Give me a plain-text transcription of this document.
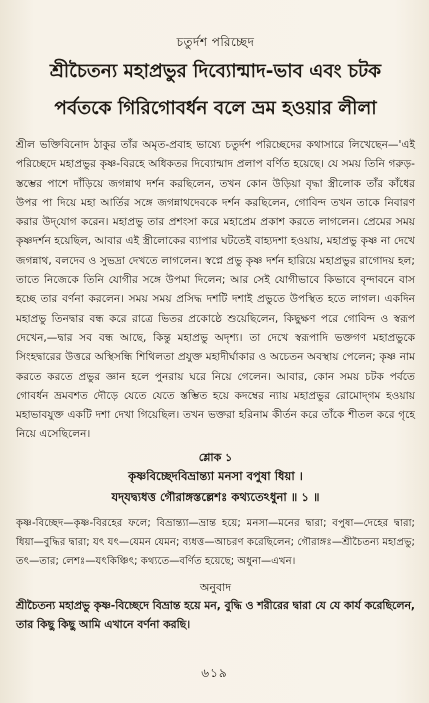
চতুর্দশ পরিচ্ছেদ
শ্রীচৈতন্য মহাপ্রভুর দিব্যোন্মাদ-ভাব এবং চটক
পর্বতকে গিরিগোবর্ধন বলে ভ্রম হওয়ার লীলা

শ্রীল ভক্তিবিনোদ ঠাকুর তাঁর অমৃত-প্রবাহ ভাষ্যে চতুর্দশ পরিচ্ছেদের কথাসারে লিখেছেন—'এই পরিচ্ছেদে মহাপ্রভুর কৃষ্ণ-বিরহে অধিকতর দিব্যোন্মাদ প্রলাপ বর্ণিত হয়েছে। যে সময় তিনি গরুড়-স্তম্ভের পাশে দাঁড়িয়ে জগন্নাথ দর্শন করছিলেন, তখন কোন উড়িয়া বৃদ্ধা স্ত্রীলোক তাঁর কাঁধের উপর পা দিয়ে মহা আর্তির সঙ্গে জগন্নাথদেবকে দর্শন করছিলেন, গোবিন্দ তখন তাকে নিবারণ করার উদ্‌যোগ করেন। মহাপ্রভু তার প্রশংসা করে মহাপ্রেম প্রকাশ করতে লাগলেন। প্রেমের সময় কৃষ্ণদর্শন হয়েছিল, আবার এই স্ত্রীলোকের ব্যাপার ঘটতেই বাহ্যদশা হওয়ায়, মহাপ্রভু কৃষ্ণ না দেখে জগন্নাথ, বলদেব ও সুভদ্রা দেখতে লাগলেন। স্বপ্নে প্রভু কৃষ্ণ দর্শন হারিয়ে মহাপ্রভুর রাগোদয় হল; তাতে নিজেকে তিনি যোগীর সঙ্গে উপমা দিলেন; আর সেই যোগীভাবে কিভাবে বৃন্দাবনে বাস হচ্ছে তার বর্ণনা করলেন। সময় সময় প্রসিদ্ধ দশটি দশাই প্রভুতে উপস্থিত হতে লাগল। একদিন মহাপ্রভু তিনদ্বার বন্ধ করে রাত্রে ভিতর প্রকোষ্ঠে শুয়েছিলেন, কিছুক্ষণ পরে গোবিন্দ ও স্বরূপ দেখেন,—দ্বার সব বন্ধ আছে, কিন্তু মহাপ্রভু অদৃশ্য। তা দেখে স্বরূপাদি ভক্তগণ মহাপ্রভুকে সিংহদ্বারের উত্তরে অস্থিসন্ধি শিথিলতা প্রযুক্ত মহাদীর্ঘাকার ও অচেতন অবস্থায় পেলেন; কৃষ্ণ নাম করতে করতে প্রভুর জ্ঞান হলে পুনরায় ঘরে নিয়ে গেলেন। আবার, কোন সময় চটক পর্বতে গোবর্ধন ভ্রমবশত দৌড়ে যেতে যেতে স্তম্ভিত হয়ে কদম্বের ন্যায় মহাপ্রভুর রোমোদ্‌গম হওয়ায় মহাভাবযুক্ত একটি দশা দেখা গিয়েছিল। তখন ভক্তরা হরিনাম কীর্তন করে তাঁকে শীতল করে গৃহে নিয়ে এসেছিলেন।

শ্লোক ১
কৃষ্ণবিচ্ছেদবিভ্রান্ত্যা মনসা বপুষা ধিয়া ।
যদ্‌যদ্ব্যধত্ত গৌরাঙ্গস্তল্লেশঃ কথ্যতেঽধুনা ॥ ১ ॥
কৃষ্ণ-বিচ্ছেদ—কৃষ্ণ-বিরহের ফলে; বিভ্রান্ত্যা—ভ্রান্ত হয়ে; মনসা—মনের দ্বারা; বপুষা—দেহের দ্বারা; ধিয়া—বুদ্ধির দ্বারা; যৎ যৎ—যেমন যেমন; ব্যধত্ত—আচরণ করেছিলেন; গৌরাঙ্গঃ—শ্রীচৈতন্য মহাপ্রভু; তৎ—তার; লেশঃ—যৎকিঞ্চিৎ; কথ্যতে—বর্ণিত হয়েছে; অধুনা—এখন।
অনুবাদ
শ্রীচৈতন্য মহাপ্রভু কৃষ্ণ-বিচ্ছেদে বিভ্রান্ত হয়ে মন, বুদ্ধি ও শরীরের দ্বারা যে যে কার্য করেছিলেন, তার কিছু কিছু আমি এখানে বর্ণনা করছি।
৬১৯
